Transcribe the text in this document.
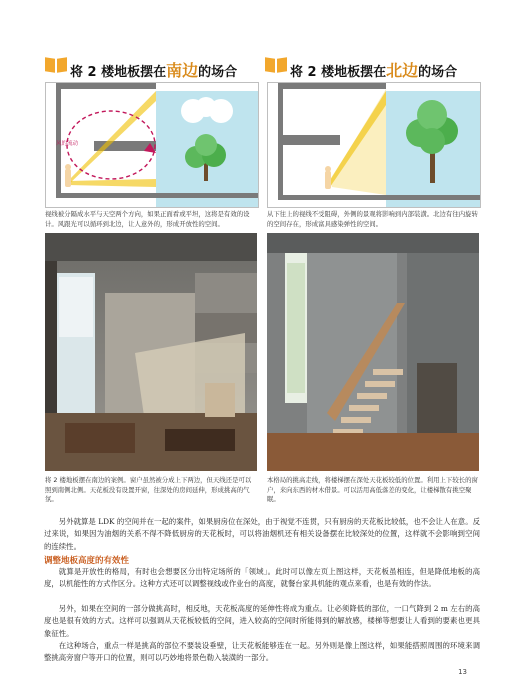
将 2 楼地板摆在南边的场合	将 2 楼地板摆在北边的场合
风的流动
视线被分隔成水平与天空两个方向，如果正面看或平坦，这将是有效的设计。风跟光可以循环到北边，让人意外的，形成开放性的空间。
从下往上的视线不受阻碍，外侧的景观将影响到内部装潢。北边有往内旋转的空间存在，形成富具感染弹性的空间。
将 2 楼地板摆在南边的案例。窗户虽然被分成上下两边，但天线还是可以照到南侧北侧。天花板没有设置开窗，往深处的房间延伸，形成挑高的气氛。
本格局的挑高走线，将楼梯摆在深处天花板较低的位置。利用上下较长的窗户，来向东西的材木借景。可以活用高低落差的变化，让楼梯散有挑空聚眠。

另外就算是 LDK 的空间并在一起的案件，如果厨房位在深处，由于视觉不连贯，只有厨房的天花板比较低，也不会让人在意。反过来说，如果因为油烟的关系不得不降低厨房的天花板时，可以将油烟机还有相关设备摆在比较深处的位置，这样就不会影响到空间的连续性。

调整地板高度的有效性

就算是开放性的格局，有时也会想要区分出特定场所的「领域」。此时可以像左页上图这样，天花板虽相连，但是降低地板的高度，以机能性的方式作区分。这种方式还可以调整视线或作业台的高度，就餐台家具机能的观点来看，也是有效的作法。

另外，如果在空间的一部分做挑高时，相反地，天花板高度的延伸性将成为重点。让必须降低的部位，一口气降到 2 m 左右的高度也是很有效的方式。这样可以强调从天花板较低的空间，进入较高的空间时所能得到的解放感，楼梯等想要让人看到的要素也更具象征性。

在这种场合，重点一样是挑高的部位不要装设垂壁，让天花板能够连在一起。另外则是像上图这样，如果能搭照周围的环境来调整挑高旁窗户等开口的位置，则可以巧妙地将景色勒入装潢的一部分。

13
